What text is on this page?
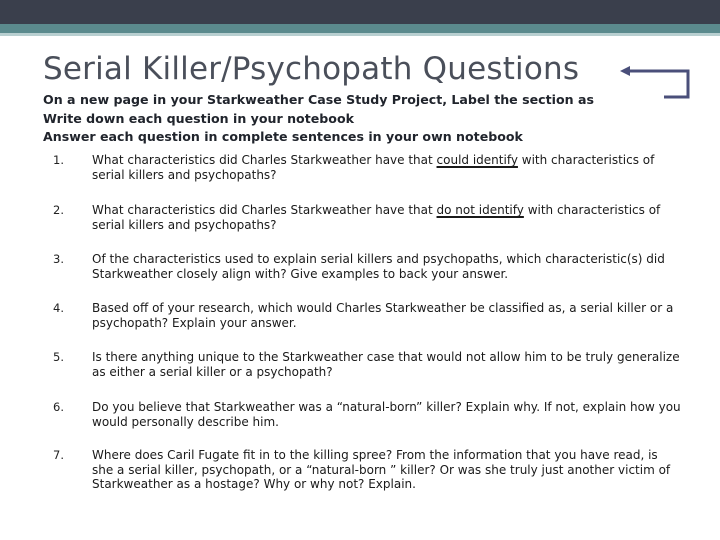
Serial Killer/Psychopath Questions
On a new page in your Starkweather Case Study Project, Label the section as
Write down each question in your notebook
Answer each question in complete sentences in your own notebook
1. What characteristics did Charles Starkweather have that could identify with characteristics of serial killers and psychopaths?
2. What characteristics did Charles Starkweather have that do not identify with characteristics of serial killers and psychopaths?
3. Of the characteristics used to explain serial killers and psychopaths, which characteristic(s) did Starkweather closely align with? Give examples to back your answer.
4. Based off of your research, which would Charles Starkweather be classified as, a serial killer or a psychopath? Explain your answer.
5. Is there anything unique to the Starkweather case that would not allow him to be truly generalize as either a serial killer or a psychopath?
6. Do you believe that Starkweather was a “natural-born” killer? Explain why. If not, explain how you would personally describe him.
7. Where does Caril Fugate fit in to the killing spree? From the information that you have read, is she a serial killer, psychopath, or a “natural-born ” killer? Or was she truly just another victim of Starkweather as a hostage? Why or why not? Explain.
